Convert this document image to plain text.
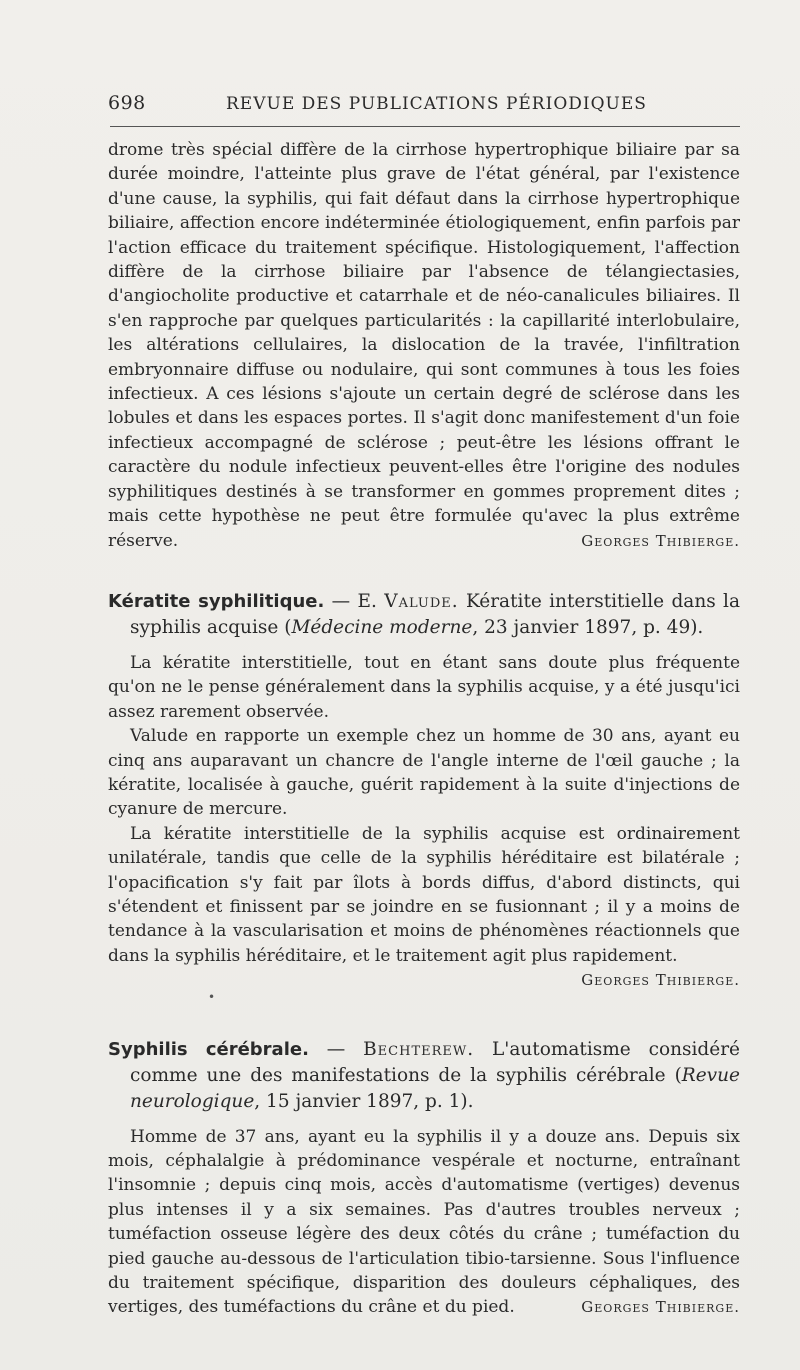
698	REVUE DES PUBLICATIONS PÉRIODIQUES

drome très spécial diffère de la cirrhose hypertrophique biliaire par sa durée moindre, l'atteinte plus grave de l'état général, par l'existence d'une cause, la syphilis, qui fait défaut dans la cirrhose hypertrophique biliaire, affection encore indéterminée étiologiquement, enfin parfois par l'action efficace du traitement spécifique. Histologiquement, l'affection diffère de la cirrhose biliaire par l'absence de télangiectasies, d'angiocholite productive et catarrhale et de néo-canalicules biliaires. Il s'en rapproche par quelques particularités : la capillarité interlobulaire, les altérations cellulaires, la dislocation de la travée, l'infiltration embryonnaire diffuse ou nodulaire, qui sont communes à tous les foies infectieux. A ces lésions s'ajoute un certain degré de sclérose dans les lobules et dans les espaces portes. Il s'agit donc manifestement d'un foie infectieux accompagné de sclérose ; peut-être les lésions offrant le caractère du nodule infectieux peuvent-elles être l'origine des nodules syphilitiques destinés à se transformer en gommes proprement dites ; mais cette hypothèse ne peut être formulée qu'avec la plus extrême réserve.	Georges Thibierge.

Kératite syphilitique. — E. Valude. Kératite interstitielle dans la syphilis acquise (Médecine moderne, 23 janvier 1897, p. 49).

La kératite interstitielle, tout en étant sans doute plus fréquente qu'on ne le pense généralement dans la syphilis acquise, y a été jusqu'ici assez rarement observée.

Valude en rapporte un exemple chez un homme de 30 ans, ayant eu cinq ans auparavant un chancre de l'angle interne de l'œil gauche ; la kératite, localisée à gauche, guérit rapidement à la suite d'injections de cyanure de mercure.

La kératite interstitielle de la syphilis acquise est ordinairement unilatérale, tandis que celle de la syphilis héréditaire est bilatérale ; l'opacification s'y fait par îlots à bords diffus, d'abord distincts, qui s'étendent et finissent par se joindre en se fusionnant ; il y a moins de tendance à la vascularisation et moins de phénomènes réactionnels que dans la syphilis héréditaire, et le traitement agit plus rapidement.

Georges Thibierge.

•

Syphilis cérébrale. — Bechterew. L'automatisme considéré comme une des manifestations de la syphilis cérébrale (Revue neurologique, 15 janvier 1897, p. 1).

Homme de 37 ans, ayant eu la syphilis il y a douze ans. Depuis six mois, céphalalgie à prédominance vespérale et nocturne, entraînant l'insomnie ; depuis cinq mois, accès d'automatisme (vertiges) devenus plus intenses il y a six semaines. Pas d'autres troubles nerveux ; tuméfaction osseuse légère des deux côtés du crâne ; tuméfaction du pied gauche au-dessous de l'articulation tibio-tarsienne. Sous l'influence du traitement spécifique, disparition des douleurs céphaliques, des vertiges, des tuméfactions du crâne et du pied.	Georges Thibierge.
